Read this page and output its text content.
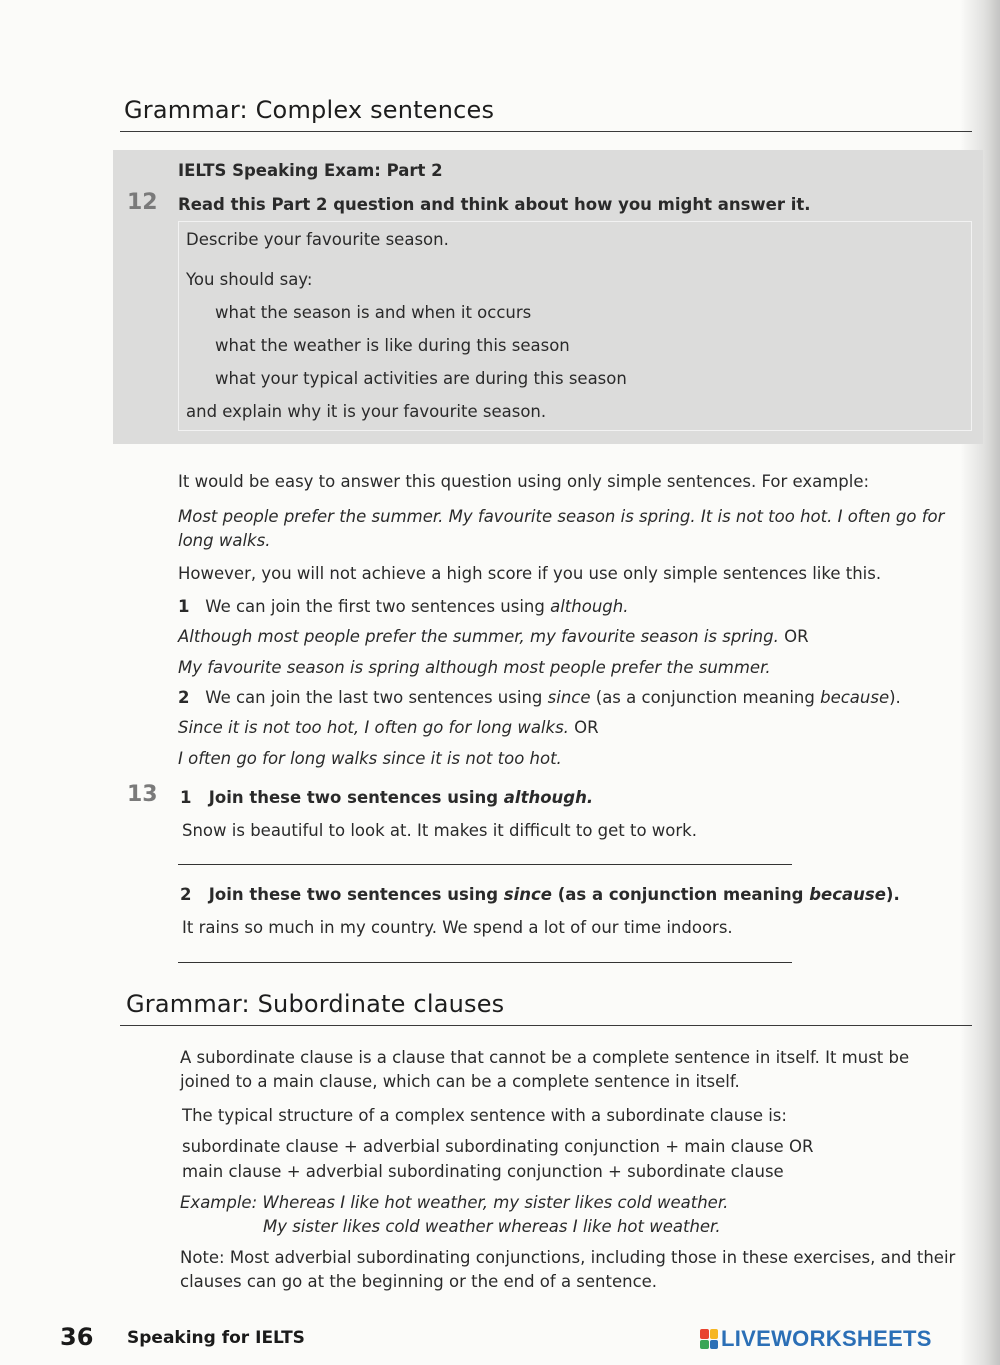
Grammar: Complex sentences
12
IELTS Speaking Exam: Part 2
Read this Part 2 question and think about how you might answer it.
Describe your favourite season.
You should say:
what the season is and when it occurs
what the weather is like during this season
what your typical activities are during this season
and explain why it is your favourite season.
It would be easy to answer this question using only simple sentences. For example:
Most people prefer the summer. My favourite season is spring. It is not too hot. I often go for long walks.
However, you will not achieve a high score if you use only simple sentences like this.
1 We can join the first two sentences using although.
Although most people prefer the summer, my favourite season is spring. OR
My favourite season is spring although most people prefer the summer.
2 We can join the last two sentences using since (as a conjunction meaning because).
Since it is not too hot, I often go for long walks. OR
I often go for long walks since it is not too hot.
13 1 Join these two sentences using although.
Snow is beautiful to look at. It makes it difficult to get to work.
2 Join these two sentences using since (as a conjunction meaning because).
It rains so much in my country. We spend a lot of our time indoors.
Grammar: Subordinate clauses
A subordinate clause is a clause that cannot be a complete sentence in itself. It must be joined to a main clause, which can be a complete sentence in itself.
The typical structure of a complex sentence with a subordinate clause is:
subordinate clause + adverbial subordinating conjunction + main clause OR
main clause + adverbial subordinating conjunction + subordinate clause
Example: Whereas I like hot weather, my sister likes cold weather.
My sister likes cold weather whereas I like hot weather.
Note: Most adverbial subordinating conjunctions, including those in these exercises, and their clauses can go at the beginning or the end of a sentence.
36 Speaking for IELTS	LIVEWORKSHEETS
